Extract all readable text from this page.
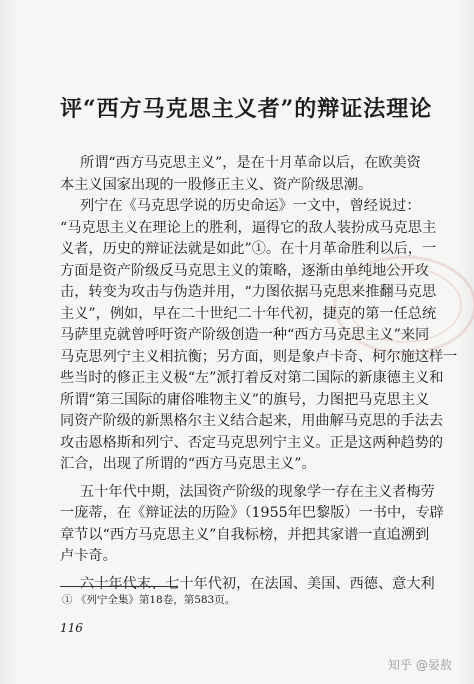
评“西方马克思主义者”的辩证法理论
所谓“西方马克思主义”，是在十月革命以后，在欧美资
本主义国家出现的一股修正主义、资产阶级思潮。
列宁在《马克思学说的历史命运》一文中，曾经说过：
“马克思主义在理论上的胜利，逼得它的敌人装扮成马克思主
义者，历史的辩证法就是如此”①。在十月革命胜利以后，一
方面是资产阶级反马克思主义的策略，逐渐由单纯地公开攻
击，转变为攻击与伪造并用，“力图依据马克思来推翻马克思
主义”，例如，早在二十世纪二十年代初，捷克的第一任总统
马萨里克就曾呼吁资产阶级创造一种“西方马克思主义”来同
马克思列宁主义相抗衡；另方面，则是象卢卡奇、柯尔施这样一
些当时的修正主义极“左”派打着反对第二国际的新康德主义和
所谓“第三国际的庸俗唯物主义”的旗号，力图把马克思主义
同资产阶级的新黑格尔主义结合起来，用曲解马克思的手法去
攻击恩格斯和列宁、否定马克思列宁主义。正是这两种趋势的
汇合，出现了所谓的“西方马克思主义”。
五十年代中期，法国资产阶级的现象学一存在主义者梅劳
一庞蒂，在《辩证法的历险》（1955年巴黎版）一书中，专辟
章节以“西方马克思主义”自我标榜，并把其家谱一直追溯到
卢卡奇。
六十年代末、七十年代初，在法国、美国、西德、意大利
① 《列宁全集》第18卷，第583页。
116
知乎 @晏敖
